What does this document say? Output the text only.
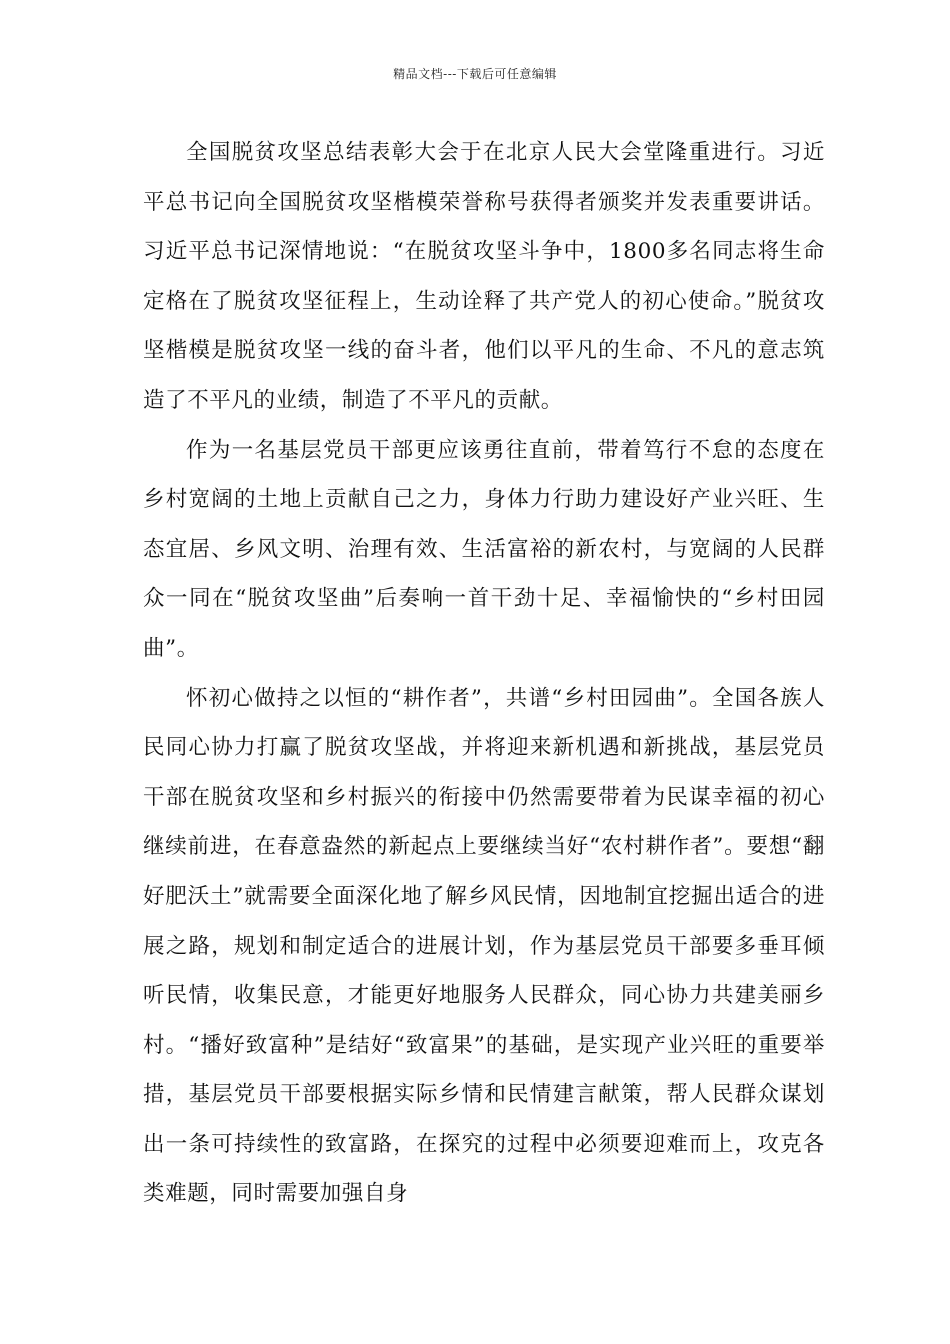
精品文档---下载后可任意编辑

全国脱贫攻坚总结表彰大会于在北京人民大会堂隆重进行。习近平总书记向全国脱贫攻坚楷模荣誉称号获得者颁奖并发表重要讲话。习近平总书记深情地说：“在脱贫攻坚斗争中，1800多名同志将生命定格在了脱贫攻坚征程上，生动诠释了共产党人的初心使命。”脱贫攻坚楷模是脱贫攻坚一线的奋斗者，他们以平凡的生命、不凡的意志筑造了不平凡的业绩，制造了不平凡的贡献。

作为一名基层党员干部更应该勇往直前，带着笃行不怠的态度在乡村宽阔的土地上贡献自己之力，身体力行助力建设好产业兴旺、生态宜居、乡风文明、治理有效、生活富裕的新农村，与宽阔的人民群众一同在“脱贫攻坚曲”后奏响一首干劲十足、幸福愉快的“乡村田园曲”。

怀初心做持之以恒的“耕作者”，共谱“乡村田园曲”。全国各族人民同心协力打赢了脱贫攻坚战，并将迎来新机遇和新挑战，基层党员干部在脱贫攻坚和乡村振兴的衔接中仍然需要带着为民谋幸福的初心继续前进，在春意盎然的新起点上要继续当好“农村耕作者”。要想“翻好肥沃土”就需要全面深化地了解乡风民情，因地制宜挖掘出适合的进展之路，规划和制定适合的进展计划，作为基层党员干部要多垂耳倾听民情，收集民意，才能更好地服务人民群众，同心协力共建美丽乡村。“播好致富种”是结好“致富果”的基础，是实现产业兴旺的重要举措，基层党员干部要根据实际乡情和民情建言献策，帮人民群众谋划出一条可持续性的致富路，在探究的过程中必须要迎难而上，攻克各类难题，同时需要加强自身
